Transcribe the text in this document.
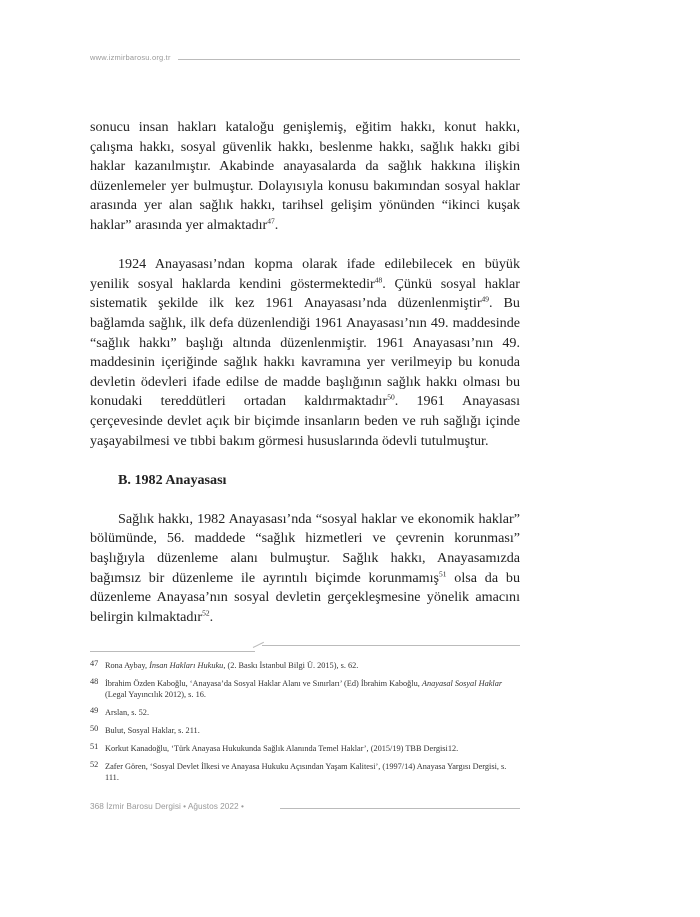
www.izmirbarosu.org.tr

sonucu insan hakları kataloğu genişlemiş, eğitim hakkı, konut hakkı, çalışma hakkı, sosyal güvenlik hakkı, beslenme hakkı, sağlık hakkı gibi haklar kazanılmıştır. Akabinde anayasalarda da sağlık hakkına ilişkin düzenlemeler yer bulmuştur. Dolayısıyla konusu bakımından sosyal haklar arasında yer alan sağlık hakkı, tarihsel gelişim yönünden “ikinci kuşak haklar” arasında yer almaktadır$^{47}$.

1924 Anayasası’ndan kopma olarak ifade edilebilecek en büyük yenilik sosyal haklarda kendini göstermektedir$^{48}$. Çünkü sosyal haklar sistematik şekilde ilk kez 1961 Anayasası’nda düzenlenmiştir$^{49}$. Bu bağlamda sağlık, ilk defa düzenlendiği 1961 Anayasası’nın 49. maddesinde “sağlık hakkı” başlığı altında düzenlenmiştir. 1961 Anayasası’nın 49. maddesinin içeriğinde sağlık hakkı kavramına yer verilmeyip bu konuda devletin ödevleri ifade edilse de madde başlığının sağlık hakkı olması bu konudaki tereddütleri ortadan kaldırmaktadır$^{50}$. 1961 Anayasası çerçevesinde devlet açık bir biçimde insanların beden ve ruh sağlığı içinde yaşayabilmesi ve tıbbi bakım görmesi hususlarında ödevli tutulmuştur.

B. 1982 Anayasası

Sağlık hakkı, 1982 Anayasası’nda “sosyal haklar ve ekonomik haklar” bölümünde, 56. maddede “sağlık hizmetleri ve çevrenin korunması” başlığıyla düzenleme alanı bulmuştur. Sağlık hakkı, Anayasamızda bağımsız bir düzenleme ile ayrıntılı biçimde korunmamış$^{51}$ olsa da bu düzenleme Anayasa’nın sosyal devletin gerçekleşmesine yönelik amacını belirgin kılmaktadır$^{52}$.

47 Rona Aybay, İnsan Hakları Hukuku, (2. Baskı İstanbul Bilgi Ü. 2015), s. 62.
48 İbrahim Özden Kaboğlu, ‘Anayasa’da Sosyal Haklar Alanı ve Sınırları’ (Ed) İbrahim Kaboğlu, Anayasal Sosyal Haklar (Legal Yayıncılık 2012), s. 16.
49 Arslan, s. 52.
50 Bulut, Sosyal Haklar, s. 211.
51 Korkut Kanadoğlu, ‘Türk Anayasa Hukukunda Sağlık Alanında Temel Haklar’, (2015/19) TBB Dergisi12.
52 Zafer Gören, ‘Sosyal Devlet İlkesi ve Anayasa Hukuku Açısından Yaşam Kalitesi’, (1997/14) Anayasa Yargısı Dergisi, s. 111.
368 İzmir Barosu Dergisi • Ağustos 2022 •
